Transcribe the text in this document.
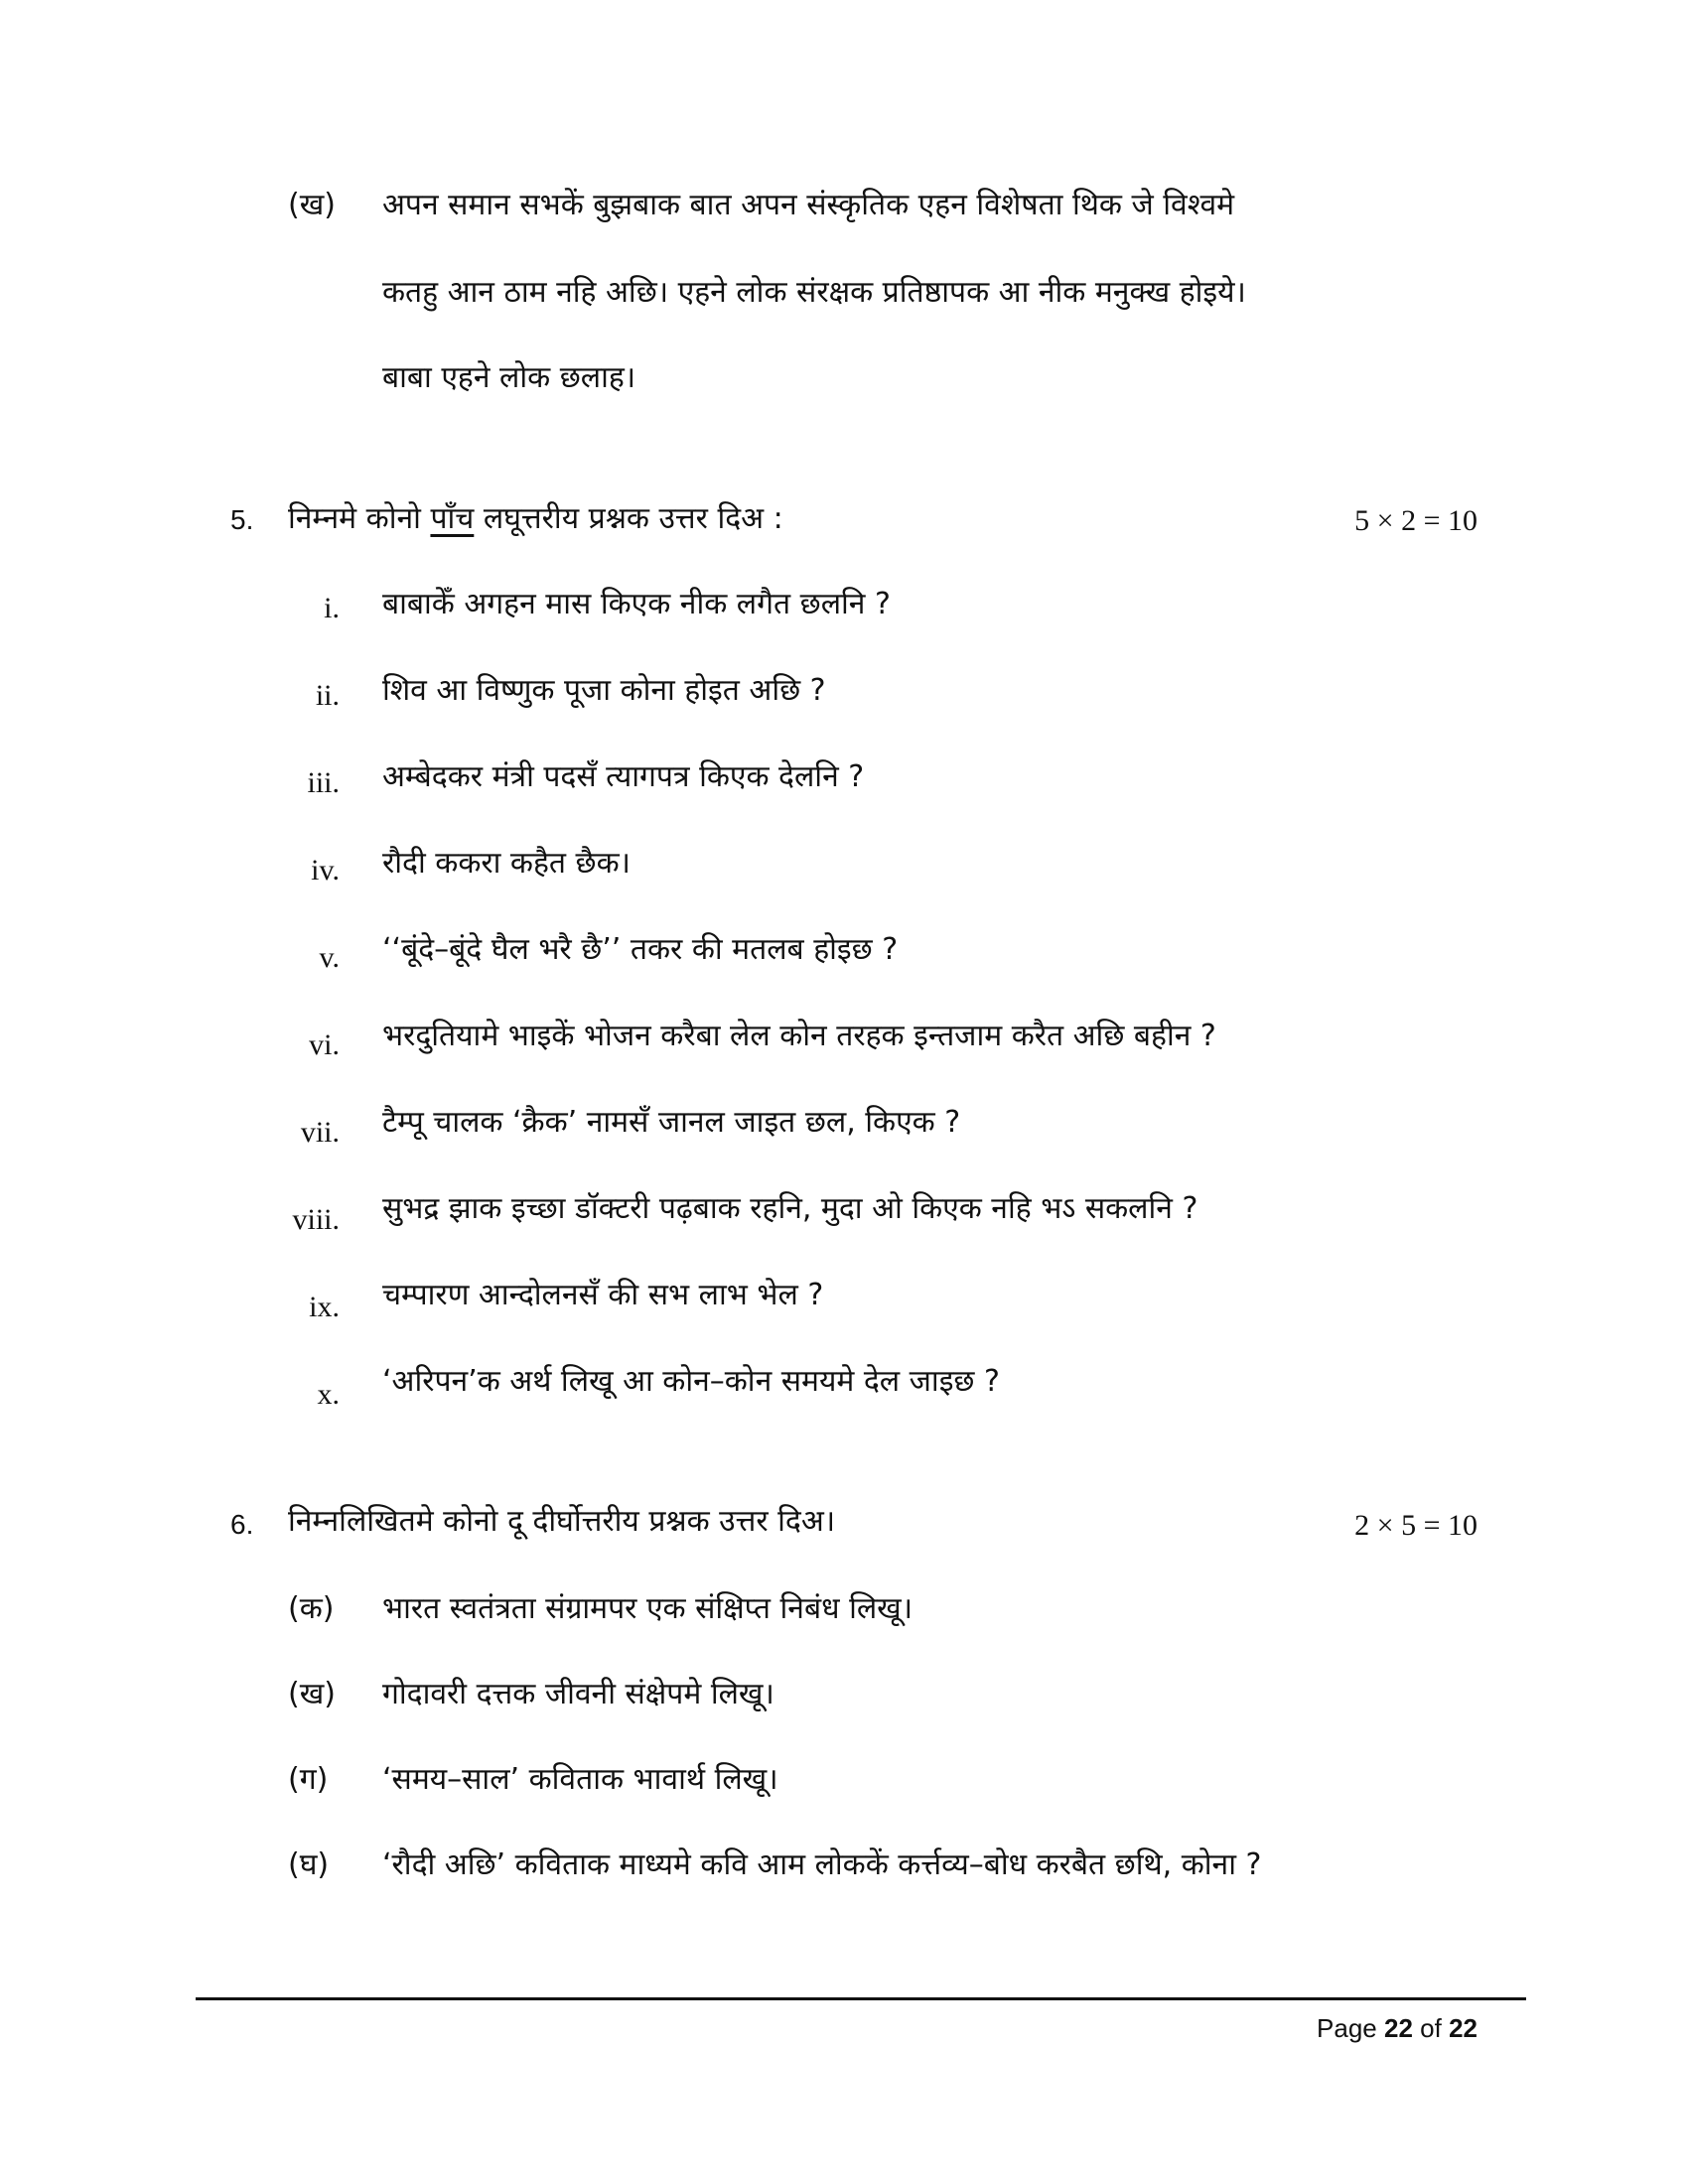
(ख) अपन समान सभकें बुझबाक बात अपन संस्कृतिक एहन विशेषता थिक जे विश्वमे
कतहु आन ठाम नहि अछि। एहने लोक संरक्षक प्रतिष्ठापक आ नीक मनुक्ख होइये।
बाबा एहने लोक छलाह।
5. निम्नमे कोनो पाँच लघूत्तरीय प्रश्नक उत्तर दिअ :	5 × 2 = 10
i. बाबाकेँ अगहन मास किएक नीक लगैत छलनि ?
ii. शिव आ विष्णुक पूजा कोना होइत अछि ?
iii. अम्बेदकर मंत्री पदसँ त्यागपत्र किएक देलनि ?
iv. रौदी ककरा कहैत छैक।
v. ‘‘बूंदे–बूंदे घैल भरै छै’’ तकर की मतलब होइछ ?
vi. भरदुतियामे भाइकें भोजन करैबा लेल कोन तरहक इन्तजाम करैत अछि बहीन ?
vii. टैम्पू चालक ‘क्रैक’ नामसँ जानल जाइत छल, किएक ?
viii. सुभद्र झाक इच्छा डॉक्टरी पढ़बाक रहनि, मुदा ओ किएक नहि भऽ सकलनि ?
ix. चम्पारण आन्दोलनसँ की सभ लाभ भेल ?
x. ‘अरिपन’क अर्थ लिखू आ कोन–कोन समयमे देल जाइछ ?
6. निम्नलिखितमे कोनो दू दीर्घोत्तरीय प्रश्नक उत्तर दिअ।	2 × 5 = 10
(क) भारत स्वतंत्रता संग्रामपर एक संक्षिप्त निबंध लिखू।
(ख) गोदावरी दत्तक जीवनी संक्षेपमे लिखू।
(ग) ‘समय–साल’ कविताक भावार्थ लिखू।
(घ) ‘रौदी अछि’ कविताक माध्यमे कवि आम लोककें कर्त्तव्य–बोध करबैत छथि, कोना ?
Page 22 of 22
